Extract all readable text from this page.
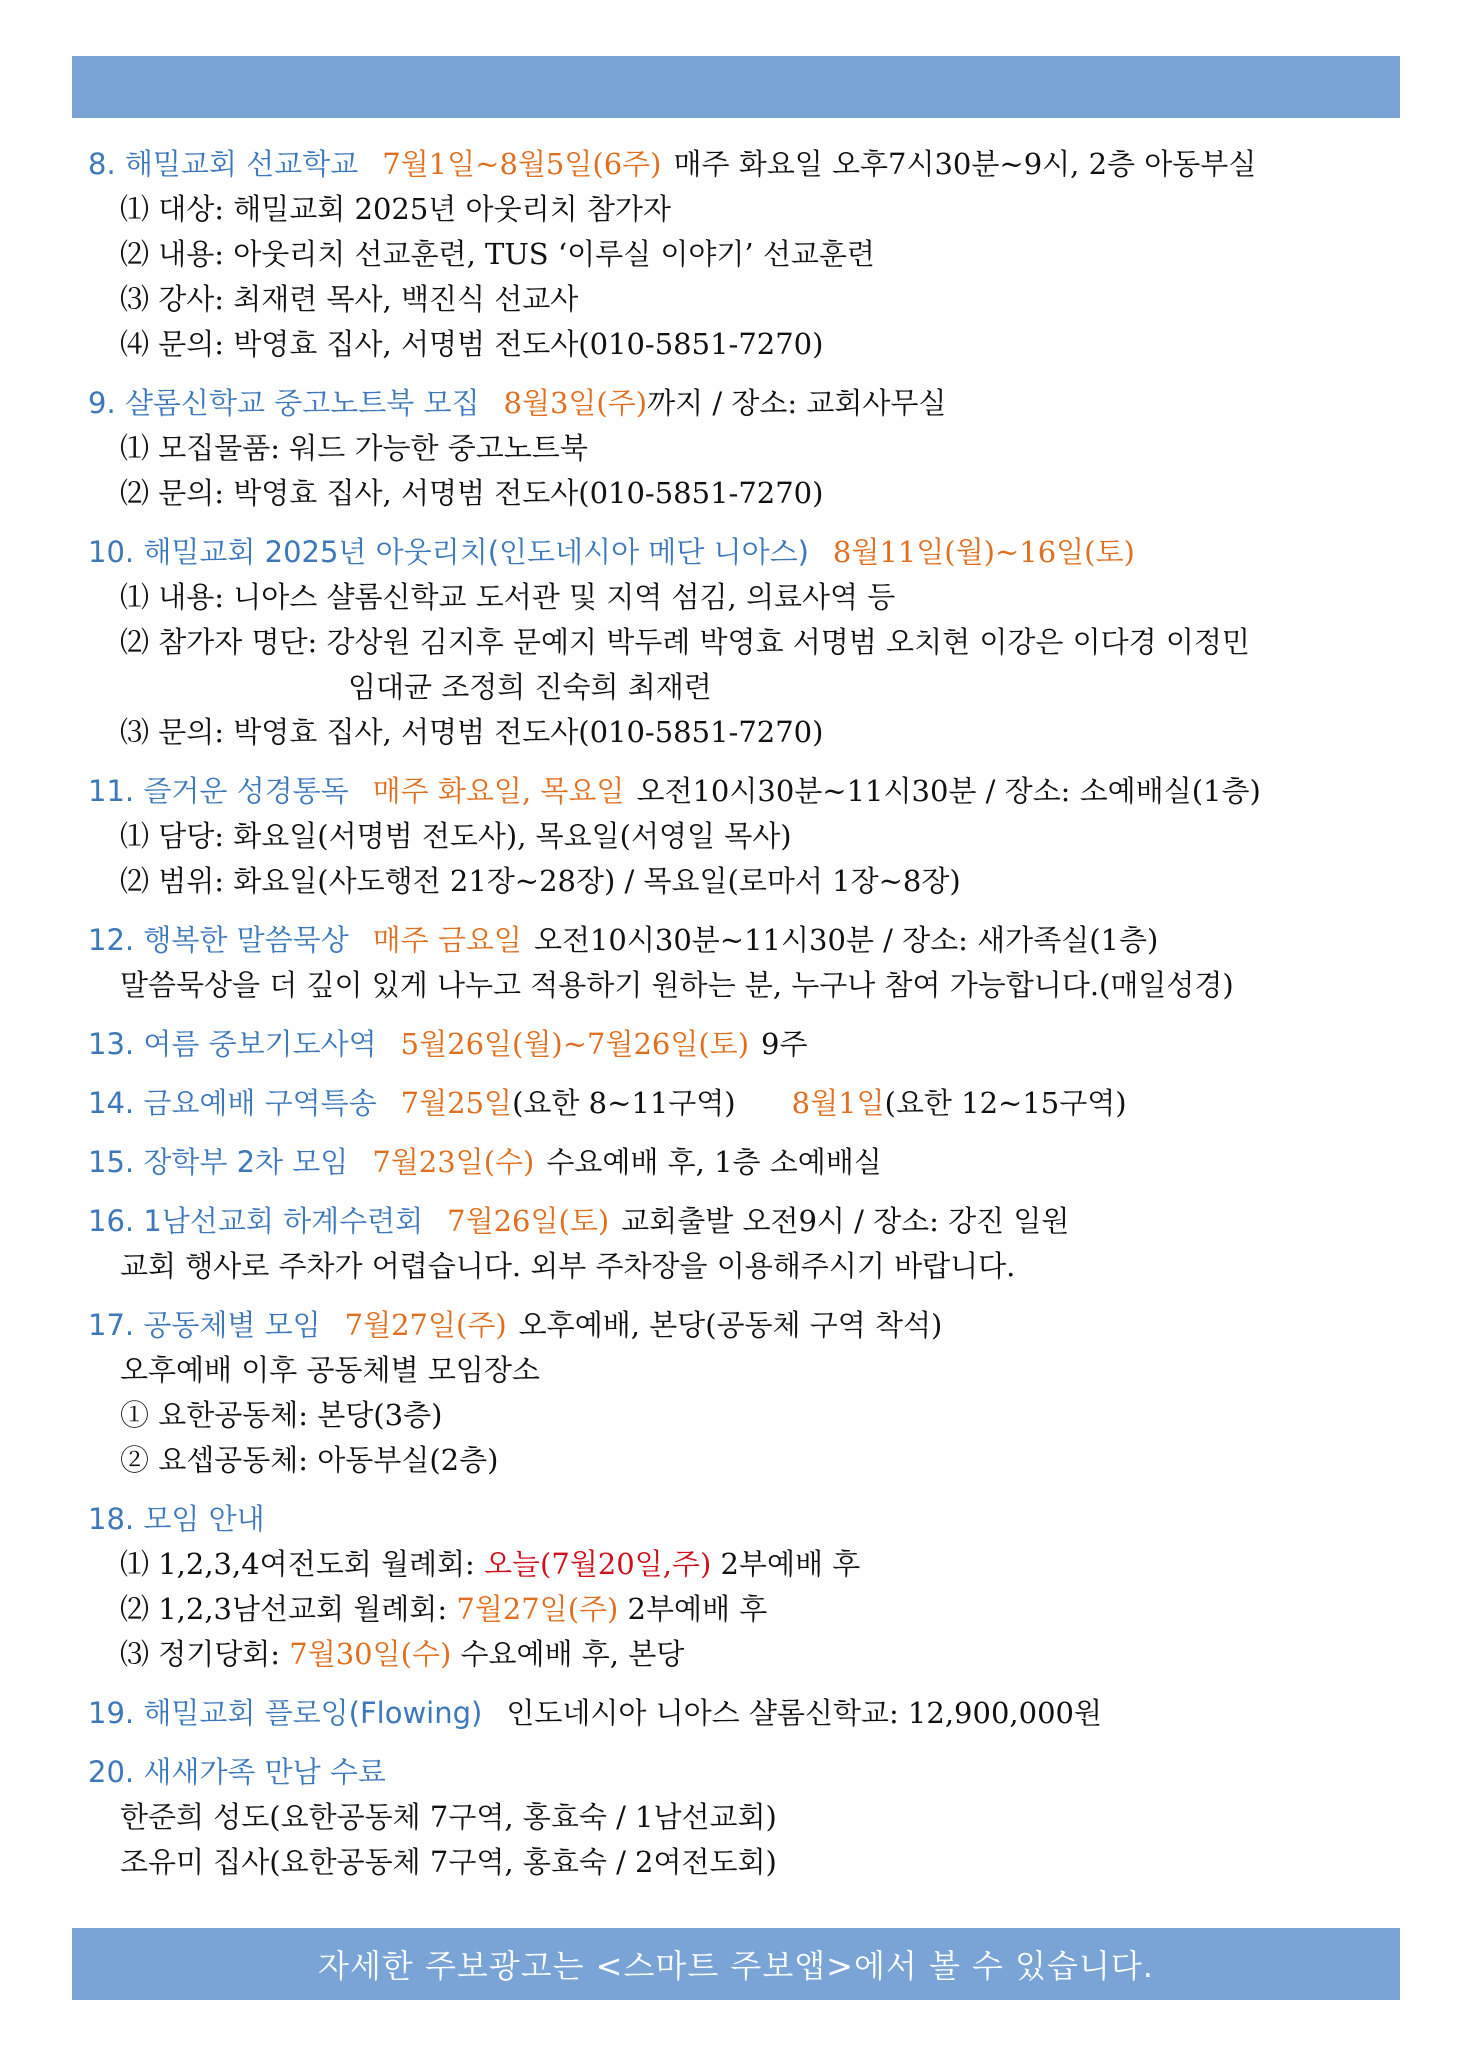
8. 해밀교회 선교학교 7월1일~8월5일(6주) 매주 화요일 오후7시30분~9시, 2층 아동부실
⑴ 대상: 해밀교회 2025년 아웃리치 참가자
⑵ 내용: 아웃리치 선교훈련, TUS ‘이루실 이야기’ 선교훈련
⑶ 강사: 최재련 목사, 백진식 선교사
⑷ 문의: 박영효 집사, 서명범 전도사(010-5851-7270)
9. 샬롬신학교 중고노트북 모집 8월3일(주)까지 / 장소: 교회사무실
⑴ 모집물품: 워드 가능한 중고노트북
⑵ 문의: 박영효 집사, 서명범 전도사(010-5851-7270)
10. 해밀교회 2025년 아웃리치(인도네시아 메단 니아스) 8월11일(월)~16일(토)
⑴ 내용: 니아스 샬롬신학교 도서관 및 지역 섬김, 의료사역 등
⑵ 참가자 명단: 강상원 김지후 문예지 박두례 박영효 서명범 오치현 이강은 이다경 이정민
임대균 조정희 진숙희 최재련
⑶ 문의: 박영효 집사, 서명범 전도사(010-5851-7270)
11. 즐거운 성경통독 매주 화요일, 목요일 오전10시30분~11시30분 / 장소: 소예배실(1층)
⑴ 담당: 화요일(서명범 전도사), 목요일(서영일 목사)
⑵ 범위: 화요일(사도행전 21장~28장) / 목요일(로마서 1장~8장)
12. 행복한 말씀묵상 매주 금요일 오전10시30분~11시30분 / 장소: 새가족실(1층)
말씀묵상을 더 깊이 있게 나누고 적용하기 원하는 분, 누구나 참여 가능합니다.(매일성경)
13. 여름 중보기도사역 5월26일(월)~7월26일(토) 9주
14. 금요예배 구역특송 7월25일(요한 8~11구역) 8월1일(요한 12~15구역)
15. 장학부 2차 모임 7월23일(수) 수요예배 후, 1층 소예배실
16. 1남선교회 하계수련회 7월26일(토) 교회출발 오전9시 / 장소: 강진 일원
교회 행사로 주차가 어렵습니다. 외부 주차장을 이용해주시기 바랍니다.
17. 공동체별 모임 7월27일(주) 오후예배, 본당(공동체 구역 착석)
오후예배 이후 공동체별 모임장소
① 요한공동체: 본당(3층)
② 요셉공동체: 아동부실(2층)
18. 모임 안내
⑴ 1,2,3,4여전도회 월례회: 오늘(7월20일,주) 2부예배 후
⑵ 1,2,3남선교회 월례회: 7월27일(주) 2부예배 후
⑶ 정기당회: 7월30일(수) 수요예배 후, 본당
19. 해밀교회 플로잉(Flowing) 인도네시아 니아스 샬롬신학교: 12,900,000원
20. 새새가족 만남 수료
한준희 성도(요한공동체 7구역, 홍효숙 / 1남선교회)
조유미 집사(요한공동체 7구역, 홍효숙 / 2여전도회)
자세한 주보광고는 <스마트 주보앱>에서 볼 수 있습니다.
